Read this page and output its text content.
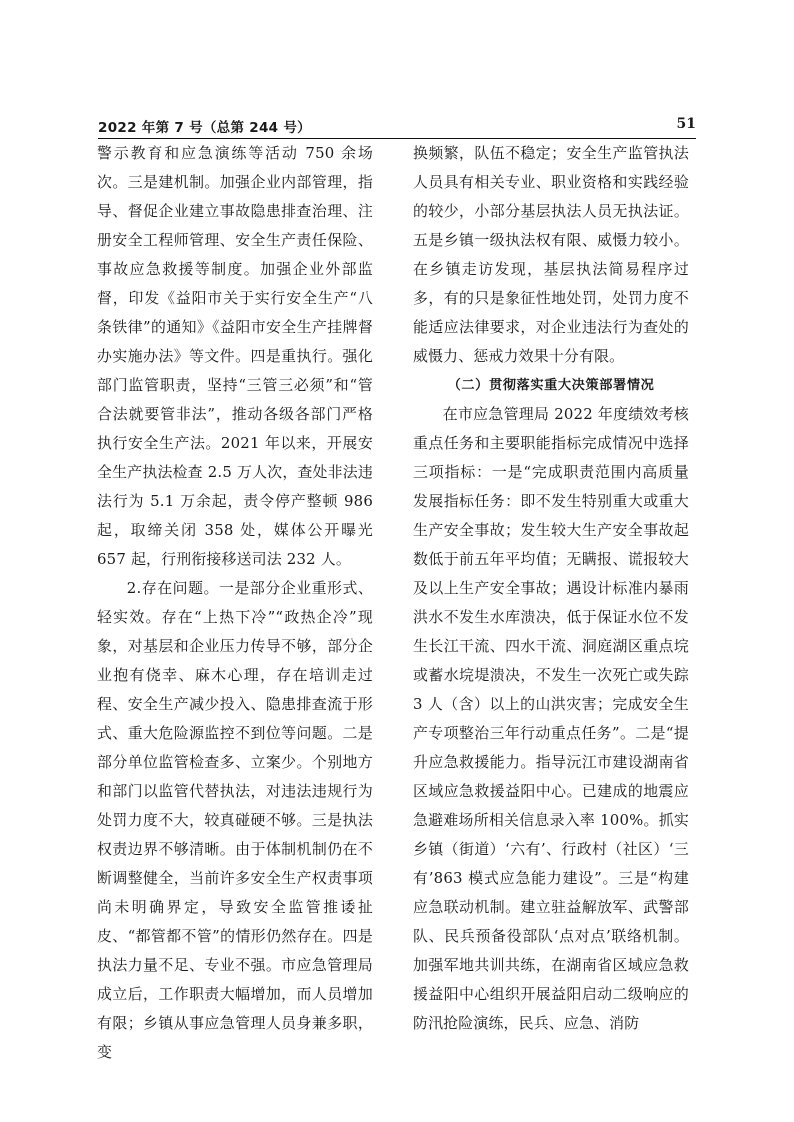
2022 年第 7 号（总第 244 号）	51

警示教育和应急演练等活动 750 余场次。三是建机制。加强企业内部管理，指导、督促企业建立事故隐患排查治理、注册安全工程师管理、安全生产责任保险、事故应急救援等制度。加强企业外部监督，印发《益阳市关于实行安全生产“八条铁律”的通知》《益阳市安全生产挂牌督办实施办法》等文件。四是重执行。强化部门监管职责，坚持“三管三必须”和“管合法就要管非法”，推动各级各部门严格执行安全生产法。2021 年以来，开展安全生产执法检查 2.5 万人次，查处非法违法行为 5.1 万余起，责令停产整顿 986 起，取缔关闭 358 处，媒体公开曝光 657 起，行刑衔接移送司法 232 人。

2.存在问题。一是部分企业重形式、轻实效。存在“上热下冷”“政热企冷”现象，对基层和企业压力传导不够，部分企业抱有侥幸、麻木心理，存在培训走过程、安全生产减少投入、隐患排查流于形式、重大危险源监控不到位等问题。二是部分单位监管检查多、立案少。个别地方和部门以监管代替执法，对违法违规行为处罚力度不大，较真碰硬不够。三是执法权责边界不够清晰。由于体制机制仍在不断调整健全，当前许多安全生产权责事项尚未明确界定，导致安全监管推诿扯皮、“都管都不管”的情形仍然存在。四是执法力量不足、专业不强。市应急管理局成立后，工作职责大幅增加，而人员增加有限；乡镇从事应急管理人员身兼多职，变

换频繁，队伍不稳定；安全生产监管执法人员具有相关专业、职业资格和实践经验的较少，小部分基层执法人员无执法证。五是乡镇一级执法权有限、威慑力较小。在乡镇走访发现，基层执法简易程序过多，有的只是象征性地处罚，处罚力度不能适应法律要求，对企业违法行为查处的威慑力、惩戒力效果十分有限。

（二）贯彻落实重大决策部署情况

在市应急管理局 2022 年度绩效考核重点任务和主要职能指标完成情况中选择三项指标：一是“完成职责范围内高质量发展指标任务：即不发生特别重大或重大生产安全事故；发生较大生产安全事故起数低于前五年平均值；无瞒报、谎报较大及以上生产安全事故；遇设计标准内暴雨洪水不发生水库溃决，低于保证水位不发生长江干流、四水干流、洞庭湖区重点垸或蓄水垸堤溃决，不发生一次死亡或失踪 3 人（含）以上的山洪灾害；完成安全生产专项整治三年行动重点任务”。二是“提升应急救援能力。指导沅江市建设湖南省区域应急救援益阳中心。已建成的地震应急避难场所相关信息录入率 100%。抓实乡镇（街道）‘六有’、行政村（社区）‘三有’863 模式应急能力建设”。三是“构建应急联动机制。建立驻益解放军、武警部队、民兵预备役部队‘点对点’联络机制。加强军地共训共练，在湖南省区域应急救援益阳中心组织开展益阳启动二级响应的防汛抢险演练，民兵、应急、消防
